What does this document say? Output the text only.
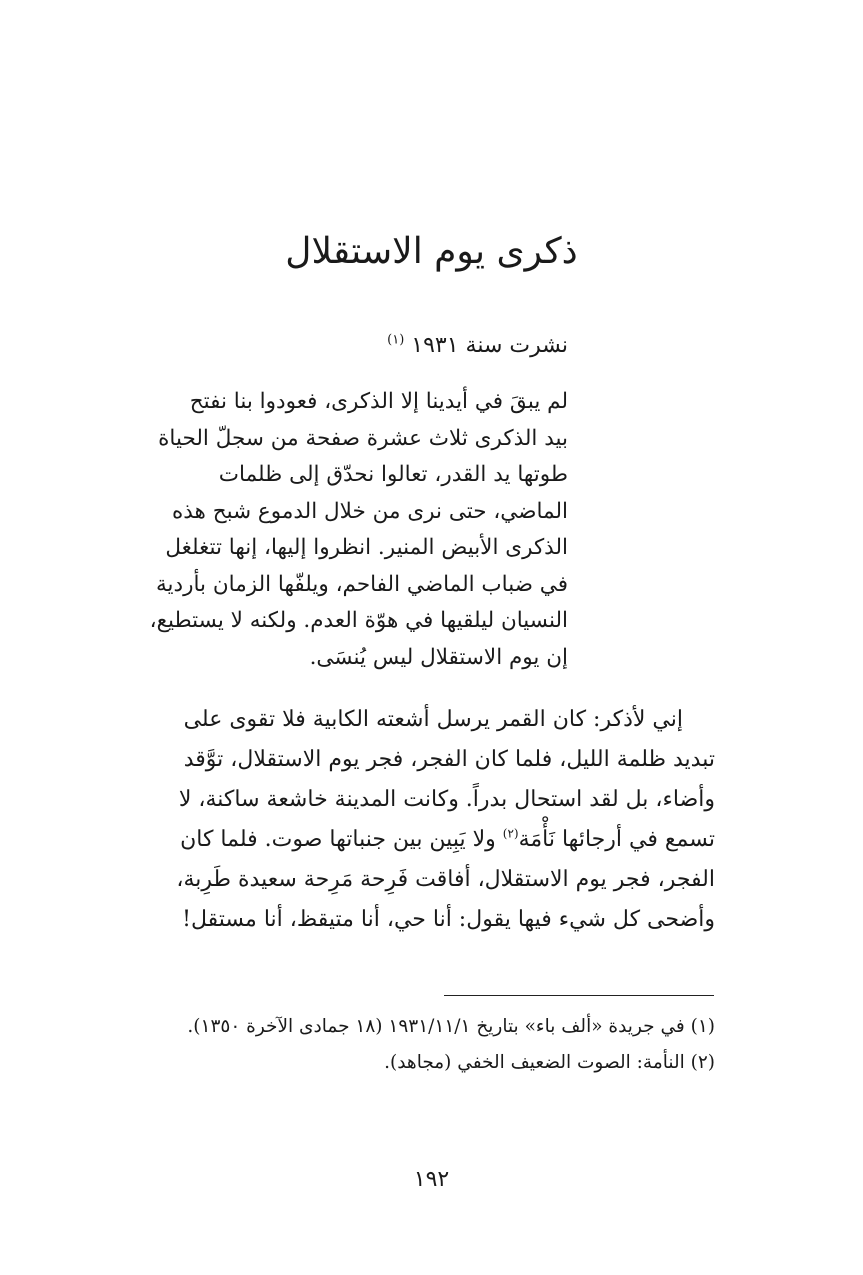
ذكرى يوم الاستقلال
نشرت سنة ١٩٣١ $^{(١)}$
لم يبقَ في أيدينا إلا الذكرى، فعودوا بنا نفتح
بيد الذكرى ثلاث عشرة صفحة من سجلّ الحياة
طوتها يد القدر، تعالوا نحدّق إلى ظلمات
الماضي، حتى نرى من خلال الدموع شبح هذه
الذكرى الأبيض المنير. انظروا إليها، إنها تتغلغل
في ضباب الماضي الفاحم، ويلفّها الزمان بأردية
النسيان ليلقيها في هوّة العدم. ولكنه لا يستطيع،
إن يوم الاستقلال ليس يُنسَى.
إني لأذكر: كان القمر يرسل أشعته الكابية فلا تقوى على
تبديد ظلمة الليل، فلما كان الفجر، فجر يوم الاستقلال، توَّقد
وأضاء، بل لقد استحال بدراً. وكانت المدينة خاشعة ساكنة، لا
تسمع في أرجائها نَأْمَة$^{(٢)}$ ولا يَبِين بين جنباتها صوت. فلما كان
الفجر، فجر يوم الاستقلال، أفاقت فَرِحة مَرِحة سعيدة طَرِبة،
وأضحى كل شيء فيها يقول: أنا حي، أنا متيقظ، أنا مستقل!
(١) في جريدة «ألف باء» بتاريخ ١٩٣١/١١/١ (١٨ جمادى الآخرة ١٣٥٠).
(٢) النأمة: الصوت الضعيف الخفي (مجاهد).
١٩٢
